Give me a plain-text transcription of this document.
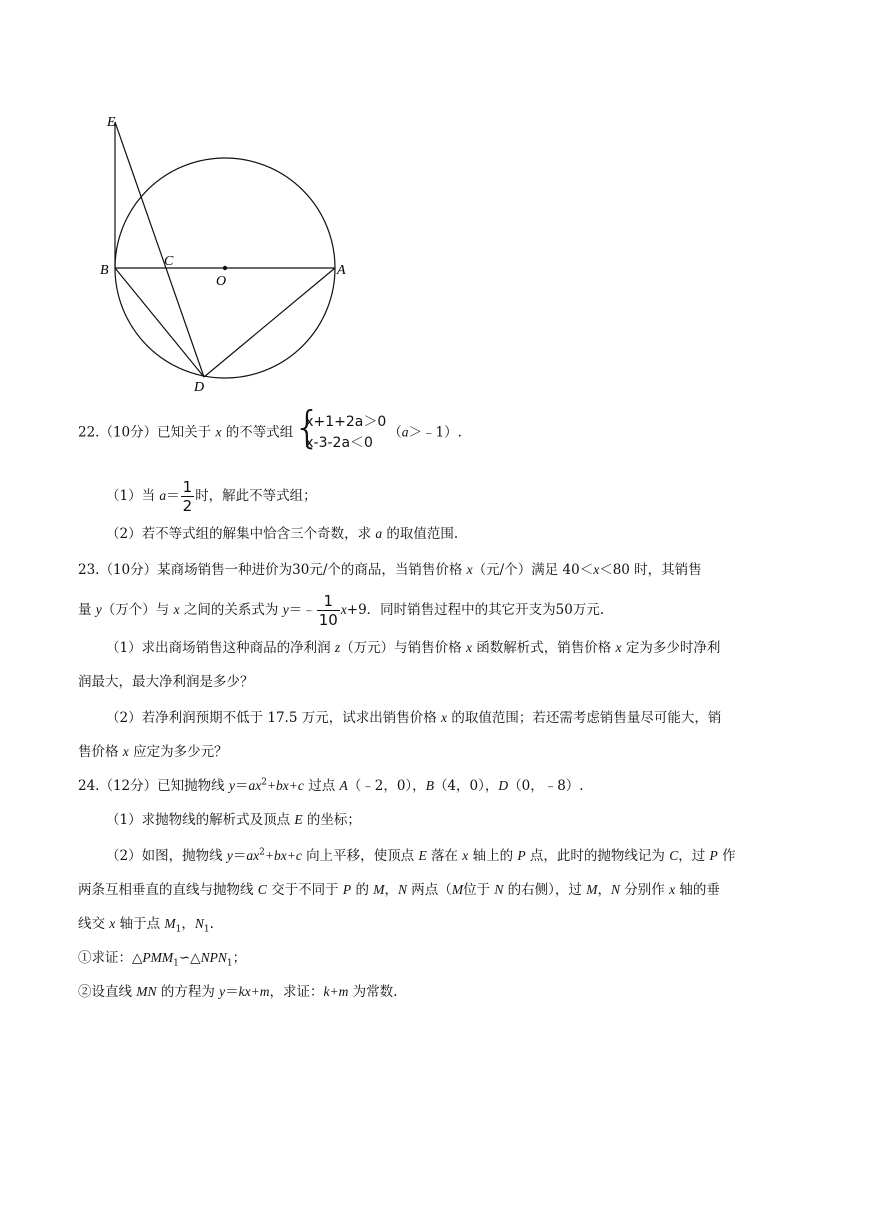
E
B
C
O
A
D
22.（10分）已知关于 x 的不等式组 {
x+1+2a＞0
x-3-2a＜0
（a＞﹣1）.
（1）当 $a= \frac{1}{2}$ 时，解此不等式组；
（2）若不等式组的解集中恰含三个奇数，求 a 的取值范围.
23.（10分）某商场销售一种进价为30元/个的商品，当销售价格 x（元/个）满足 40＜x＜80 时，其销售
量 y（万个）与 x 之间的关系式为 y＝﹣ $\frac{1}{10} x+9$．同时销售过程中的其它开支为50万元.
（1）求出商场销售这种商品的净利润 z（万元）与销售价格 x 函数解析式，销售价格 x 定为多少时净利
润最大，最大净利润是多少？
（2）若净利润预期不低于 17.5 万元，试求出销售价格 x 的取值范围；若还需考虑销售量尽可能大，销
售价格 x 应定为多少元？
24.（12分）已知抛物线 $y=ax^2+bx+c$ 过点 A（﹣2，0），B（4，0），D（0，﹣8）.
（1）求抛物线的解析式及顶点 E 的坐标；
（2）如图，抛物线 $y=ax^2+bx+c$ 向上平移，使顶点 E 落在 x 轴上的 P 点，此时的抛物线记为 C，过 P 作
两条互相垂直的直线与抛物线 C 交于不同于 P 的 M，N 两点（M位于 N 的右侧），过 M，N 分别作 x 轴的垂
线交 x 轴于点 $M_1$，$N_1$.
①求证：$\triangle PMM_1∽\triangle NPN_1$；
②设直线 MN 的方程为 y＝kx+m，求证：k+m 为常数.
